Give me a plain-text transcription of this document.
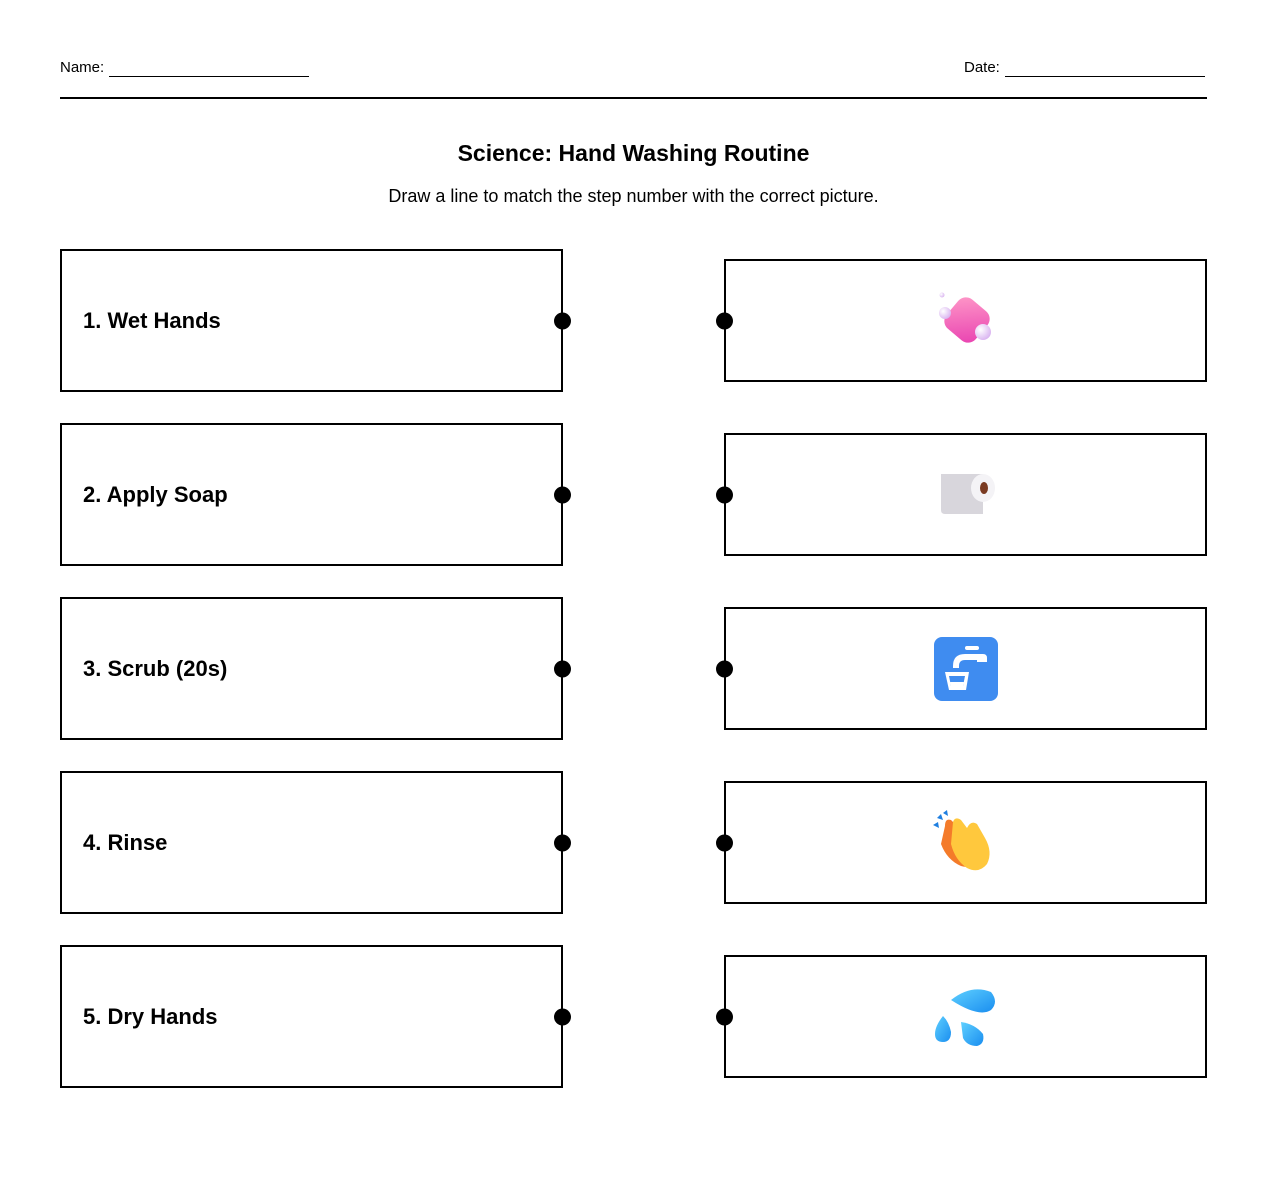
Name:	Date:
Science: Hand Washing Routine
Draw a line to match the step number with the correct picture.
1. Wet Hands
2. Apply Soap
3. Scrub (20s)
4. Rinse
5. Dry Hands
